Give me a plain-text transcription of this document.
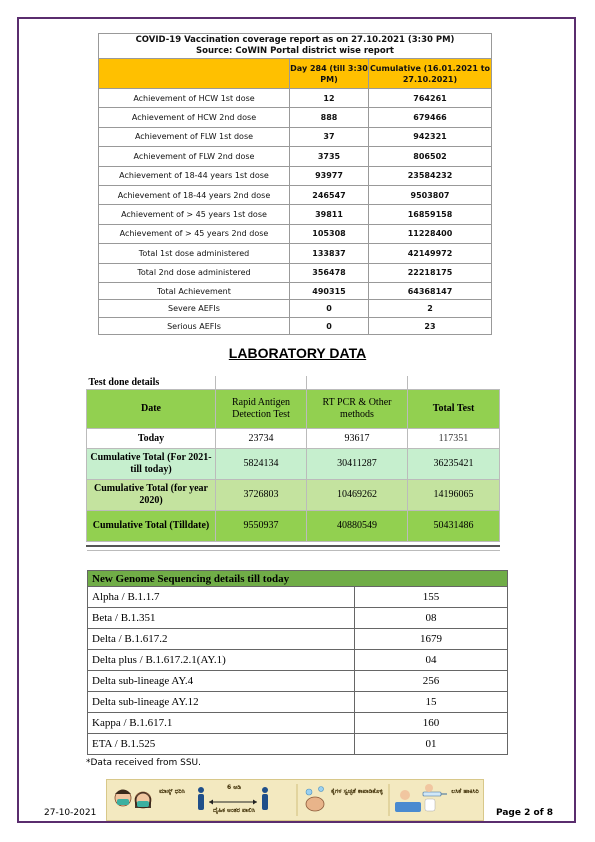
COVID-19 Vaccination coverage report as on 27.10.2021 (3:30 PM)
Source: CoWIN Portal district wise report		

	Day 284 (till 3:30 PM)	Cumulative (16.01.2021 to 27.10.2021)
Achievement of HCW 1st dose	12	764261
Achievement of HCW 2nd dose	888	679466
Achievement of FLW 1st dose	37	942321
Achievement of FLW 2nd dose	3735	806502
Achievement of 18-44 years 1st dose	93977	23584232
Achievement of 18-44 years 2nd dose	246547	9503807
Achievement of > 45 years 1st dose	39811	16859158
Achievement of > 45 years 2nd dose	105308	11228400
Total 1st dose administered	133837	42149972
Total 2nd dose administered	356478	22218175
Total Achievement	490315	64368147
Severe AEFIs	0	2
Serious AEFIs	0	23
LABORATORY DATA
Test done details			
Date	Rapid Antigen Detection Test	RT PCR & Other methods	Total Test
Today	23734	93617	117351
Cumulative Total (For 2021- till today)	5824134	30411287	36235421
Cumulative Total (for year 2020)	3726803	10469262	14196065
Cumulative Total (Tilldate)	9550937	40880549	50431486

New Genome Sequencing details till today	
Alpha / B.1.1.7	155
Beta / B.1.351	08
Delta / B.1.617.2	1679
Delta plus / B.1.617.2.1(AY.1)	04
Delta sub-lineage AY.4	256
Delta sub-lineage AY.12	15
Kappa / B.1.617.1	160
ETA / B.1.525	01
*Data received from SSU.
ಮಾಸ್ಕ್ ಧರಿಸಿ
6 ಅಡಿ
ದೈಹಿಕ ಅಂತರ ಪಾಲಿಸಿ
ಕೈಗಳ ಸ್ವಚ್ಛತೆ ಕಾಪಾಡಿಕೊಳ್ಳಿ	ಲಸಿಕೆ ಹಾಕಿಸಿರಿ
27-10-2021	Page 2 of 8
